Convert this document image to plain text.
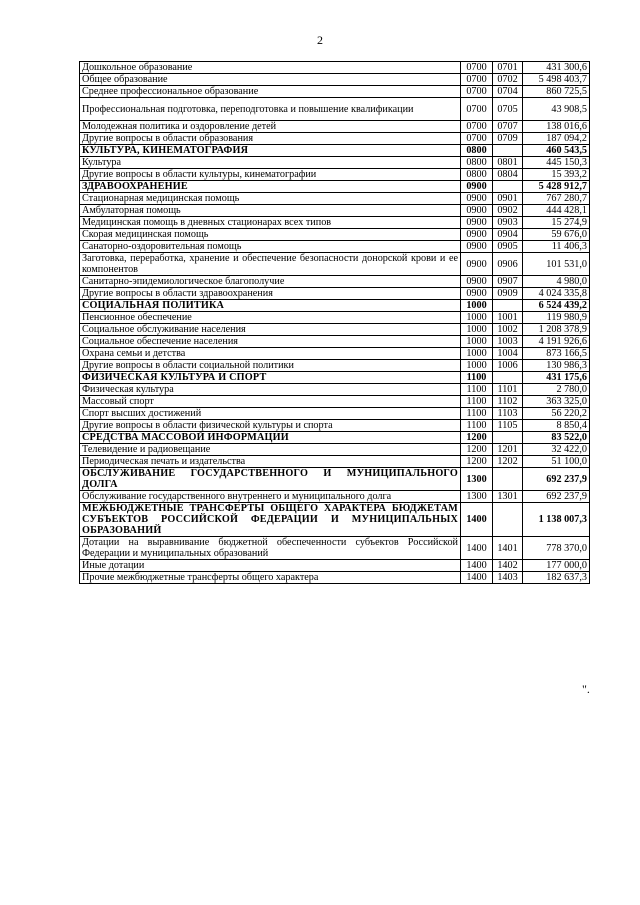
2
Дошкольное образование	0700	0701	431 300,6
Общее образование	0700	0702	5 498 403,7
Среднее профессиональное образование	0700	0704	860 725,5
Профессиональная подготовка, переподготовка и повышение квалификации	0700	0705	43 908,5
Молодежная политика и оздоровление детей	0700	0707	138 016,6
Другие вопросы в области образования	0700	0709	187 094,2
КУЛЬТУРА, КИНЕМАТОГРАФИЯ	0800		460 543,5
Культура	0800	0801	445 150,3
Другие вопросы в области культуры, кинематографии	0800	0804	15 393,2
ЗДРАВООХРАНЕНИЕ	0900		5 428 912,7
Стационарная медицинская помощь	0900	0901	767 280,7
Амбулаторная помощь	0900	0902	444 428,1
Медицинская помощь в дневных стационарах всех типов	0900	0903	15 274,9
Скорая медицинская помощь	0900	0904	59 676,0
Санаторно-оздоровительная помощь	0900	0905	11 406,3
Заготовка, переработка, хранение и обеспечение безопасности донорской крови и ее компонентов	0900	0906	101 531,0
Санитарно-эпидемиологическое благополучие	0900	0907	4 980,0
Другие вопросы в области здравоохранения	0900	0909	4 024 335,8
СОЦИАЛЬНАЯ ПОЛИТИКА	1000		6 524 439,2
Пенсионное обеспечение	1000	1001	119 980,9
Социальное обслуживание населения	1000	1002	1 208 378,9
Социальное обеспечение населения	1000	1003	4 191 926,6
Охрана семьи и детства	1000	1004	873 166,5
Другие вопросы в области социальной политики	1000	1006	130 986,3
ФИЗИЧЕСКАЯ КУЛЬТУРА И СПОРТ	1100		431 175,6
Физическая культура	1100	1101	2 780,0
Массовый спорт	1100	1102	363 325,0
Спорт высших достижений	1100	1103	56 220,2
Другие вопросы в области физической культуры и спорта	1100	1105	8 850,4
СРЕДСТВА МАССОВОЙ ИНФОРМАЦИИ	1200		83 522,0
Телевидение и радиовещание	1200	1201	32 422,0
Периодическая печать и издательства	1200	1202	51 100,0
ОБСЛУЖИВАНИЕ ГОСУДАРСТВЕННОГО И МУНИЦИПАЛЬНОГО ДОЛГА	1300		692 237,9
Обслуживание государственного внутреннего и муниципального долга	1300	1301	692 237,9
МЕЖБЮДЖЕТНЫЕ ТРАНСФЕРТЫ ОБЩЕГО ХАРАКТЕРА БЮДЖЕТАМ СУБЪЕКТОВ РОССИЙСКОЙ ФЕДЕРАЦИИ И МУНИЦИПАЛЬНЫХ ОБРАЗОВАНИЙ	1400		1 138 007,3
Дотации на выравнивание бюджетной обеспеченности субъектов Российской Федерации и муниципальных образований	1400	1401	778 370,0
Иные дотации	1400	1402	177 000,0
Прочие межбюджетные трансферты общего характера	1400	1403	182 637,3
".
